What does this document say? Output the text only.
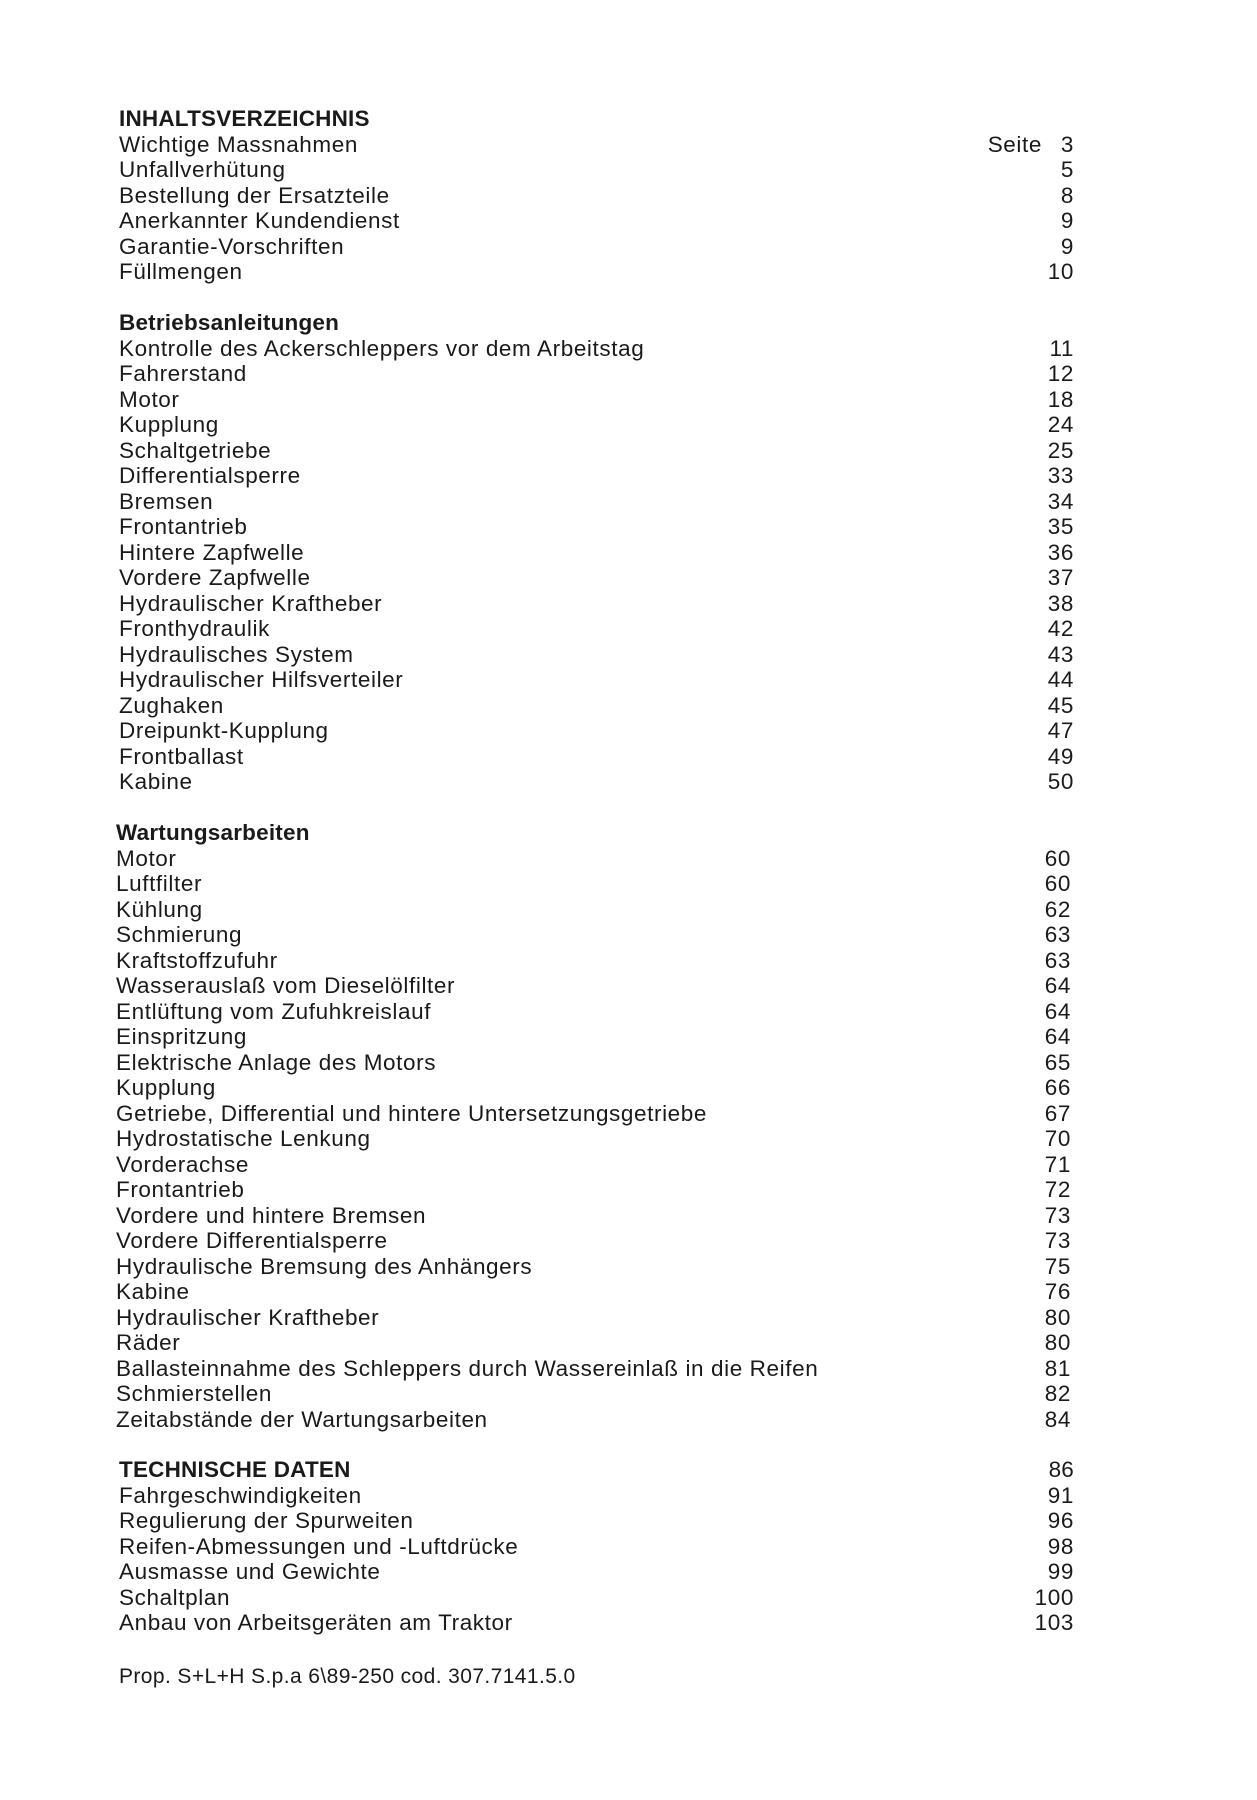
INHALTSVERZEICHNIS
Wichtige Massnahmen	Seite 3
Unfallverhütung	5
Bestellung der Ersatzteile	8
Anerkannter Kundendienst	9
Garantie-Vorschriften	9
Füllmengen	10
Betriebsanleitungen
Kontrolle des Ackerschleppers vor dem Arbeitstag	11
Fahrerstand	12
Motor	18
Kupplung	24
Schaltgetriebe	25
Differentialsperre	33
Bremsen	34
Frontantrieb	35
Hintere Zapfwelle	36
Vordere Zapfwelle	37
Hydraulischer Kraftheber	38
Fronthydraulik	42
Hydraulisches System	43
Hydraulischer Hilfsverteiler	44
Zughaken	45
Dreipunkt-Kupplung	47
Frontballast	49
Kabine	50
Wartungsarbeiten
Motor	60
Luftfilter	60
Kühlung	62
Schmierung	63
Kraftstoffzufuhr	63
Wasserauslaß vom Dieselölfilter	64
Entlüftung vom Zufuhkreislauf	64
Einspritzung	64
Elektrische Anlage des Motors	65
Kupplung	66
Getriebe, Differential und hintere Untersetzungsgetriebe	67
Hydrostatische Lenkung	70
Vorderachse	71
Frontantrieb	72
Vordere und hintere Bremsen	73
Vordere Differentialsperre	73
Hydraulische Bremsung des Anhängers	75
Kabine	76
Hydraulischer Kraftheber	80
Räder	80
Ballasteinnahme des Schleppers durch Wassereinlaß in die Reifen	81
Schmierstellen	82
Zeitabstände der Wartungsarbeiten	84
TECHNISCHE DATEN	86
Fahrgeschwindigkeiten	91
Regulierung der Spurweiten	96
Reifen-Abmessungen und -Luftdrücke	98
Ausmasse und Gewichte	99
Schaltplan	100
Anbau von Arbeitsgeräten am Traktor	103
Prop. S+L+H S.p.a 6\89-250 cod. 307.7141.5.0
